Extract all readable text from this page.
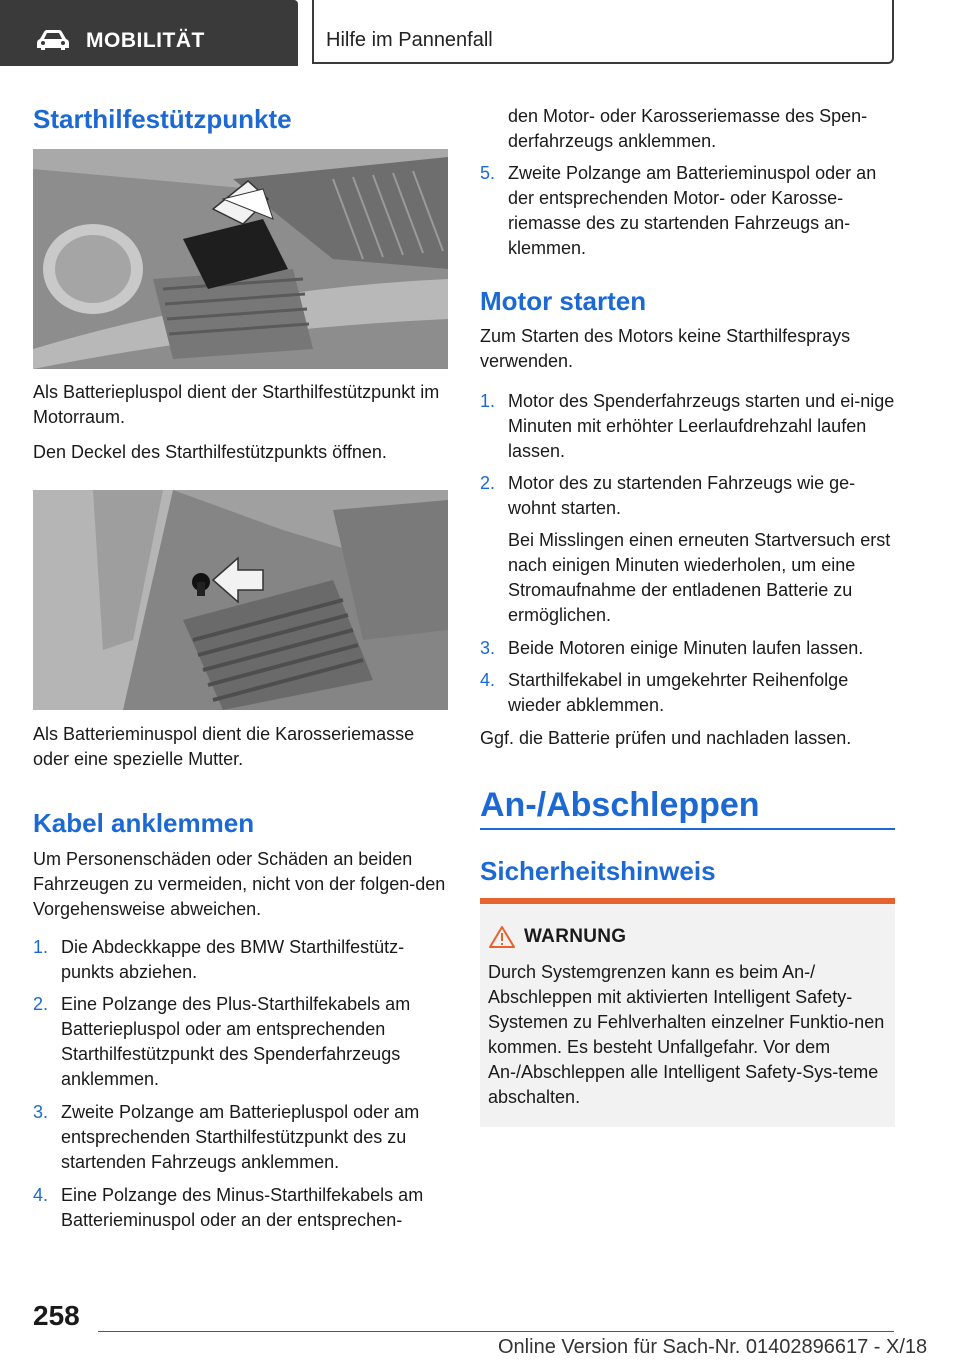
MOBILITÄT	Hilfe im Pannenfall
Starthilfestützpunkte

Als Batteriepluspol dient der Starthilfestützpunkt im Motorraum.

Den Deckel des Starthilfestützpunkts öffnen.

Als Batterieminuspol dient die Karosseriemasse oder eine spezielle Mutter.

Kabel anklemmen

Um Personenschäden oder Schäden an beiden Fahrzeugen zu vermeiden, nicht von der folgen-den Vorgehensweise abweichen.

1. Die Abdeckkappe des BMW Starthilfestütz-punkts abziehen.
2. Eine Polzange des Plus-Starthilfekabels am Batteriepluspol oder am entsprechenden Starthilfestützpunkt des Spenderfahrzeugs anklemmen.
3. Zweite Polzange am Batteriepluspol oder am entsprechenden Starthilfestützpunkt des zu startenden Fahrzeugs anklemmen.
4. Eine Polzange des Minus-Starthilfekabels am Batterieminuspol oder an der entsprechen-
den Motor- oder Karosseriemasse des Spen-derfahrzeugs anklemmen.
5. Zweite Polzange am Batterieminuspol oder an der entsprechenden Motor- oder Karosse-riemasse des zu startenden Fahrzeugs an-klemmen.
Motor starten

Zum Starten des Motors keine Starthilfesprays verwenden.

1. Motor des Spenderfahrzeugs starten und ei-nige Minuten mit erhöhter Leerlaufdrehzahl laufen lassen.
2. Motor des zu startenden Fahrzeugs wie ge-wohnt starten.
Bei Misslingen einen erneuten Startversuch erst nach einigen Minuten wiederholen, um eine Stromaufnahme der entladenen Batterie zu ermöglichen.
3. Beide Motoren einige Minuten laufen lassen.
4. Starthilfekabel in umgekehrter Reihenfolge wieder abklemmen.

Ggf. die Batterie prüfen und nachladen lassen.

An-/Abschleppen
Sicherheitshinweis
WARNUNG
Durch Systemgrenzen kann es beim An-/ Abschleppen mit aktivierten Intelligent Safety-Systemen zu Fehlverhalten einzelner Funktio-nen kommen. Es besteht Unfallgefahr. Vor dem An-/Abschleppen alle Intelligent Safety-Sys-teme abschalten.
258
Online Version für Sach-Nr. 01402896617 - X/18
